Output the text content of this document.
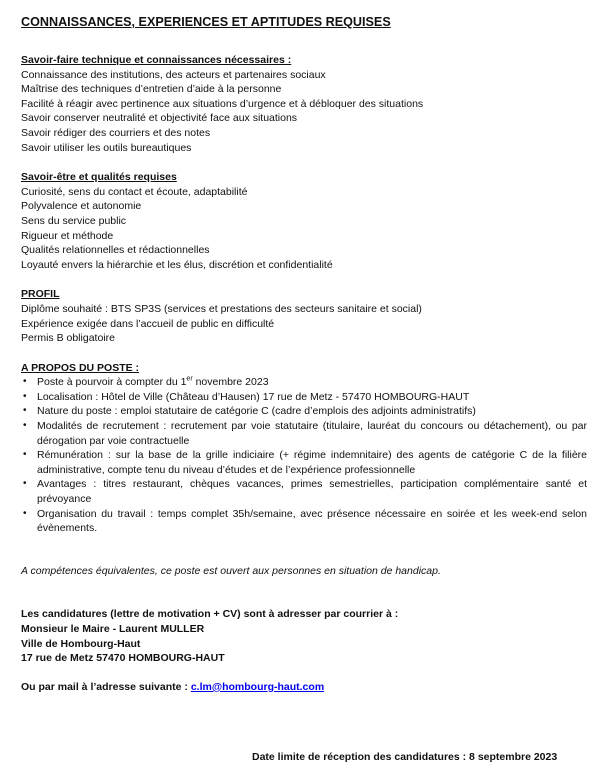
CONNAISSANCES, EXPERIENCES ET APTITUDES REQUISES
Savoir-faire technique et connaissances nécessaires :
Connaissance des institutions, des acteurs et partenaires sociaux
Maîtrise des techniques d’entretien d’aide à la personne
Facilité à réagir avec pertinence aux situations d’urgence et à débloquer des situations
Savoir conserver neutralité et objectivité face aux situations
Savoir rédiger des courriers et des notes
Savoir utiliser les outils bureautiques
Savoir-être et qualités requises
Curiosité, sens du contact et écoute, adaptabilité
Polyvalence et autonomie
Sens du service public
Rigueur et méthode
Qualités relationnelles et rédactionnelles
Loyauté envers la hiérarchie et les élus, discrétion et confidentialité
PROFIL
Diplôme souhaité : BTS SP3S (services et prestations des secteurs sanitaire et social)
Expérience exigée dans l’accueil de public en difficulté
Permis B obligatoire
A PROPOS DU POSTE :
• Poste à pourvoir à compter du 1er novembre 2023
• Localisation : Hôtel de Ville (Château d’Hausen) 17 rue de Metz - 57470 HOMBOURG-HAUT
• Nature du poste : emploi statutaire de catégorie C (cadre d’emplois des adjoints administratifs)
• Modalités de recrutement : recrutement par voie statutaire (titulaire, lauréat du concours ou détachement), ou par dérogation par voie contractuelle
• Rémunération : sur la base de la grille indiciaire (+ régime indemnitaire) des agents de catégorie C de la filière administrative, compte tenu du niveau d’études et de l’expérience professionnelle
• Avantages : titres restaurant, chèques vacances, primes semestrielles, participation complémentaire santé et prévoyance
• Organisation du travail : temps complet 35h/semaine, avec présence nécessaire en soirée et les week-end selon évènements.
A compétences équivalentes, ce poste est ouvert aux personnes en situation de handicap.
Les candidatures (lettre de motivation + CV) sont à adresser par courrier à :
Monsieur le Maire - Laurent MULLER
Ville de Hombourg-Haut
17 rue de Metz 57470 HOMBOURG-HAUT
Ou par mail à l’adresse suivante : c.lm@hombourg-haut.com
Date limite de réception des candidatures : 8 septembre 2023
